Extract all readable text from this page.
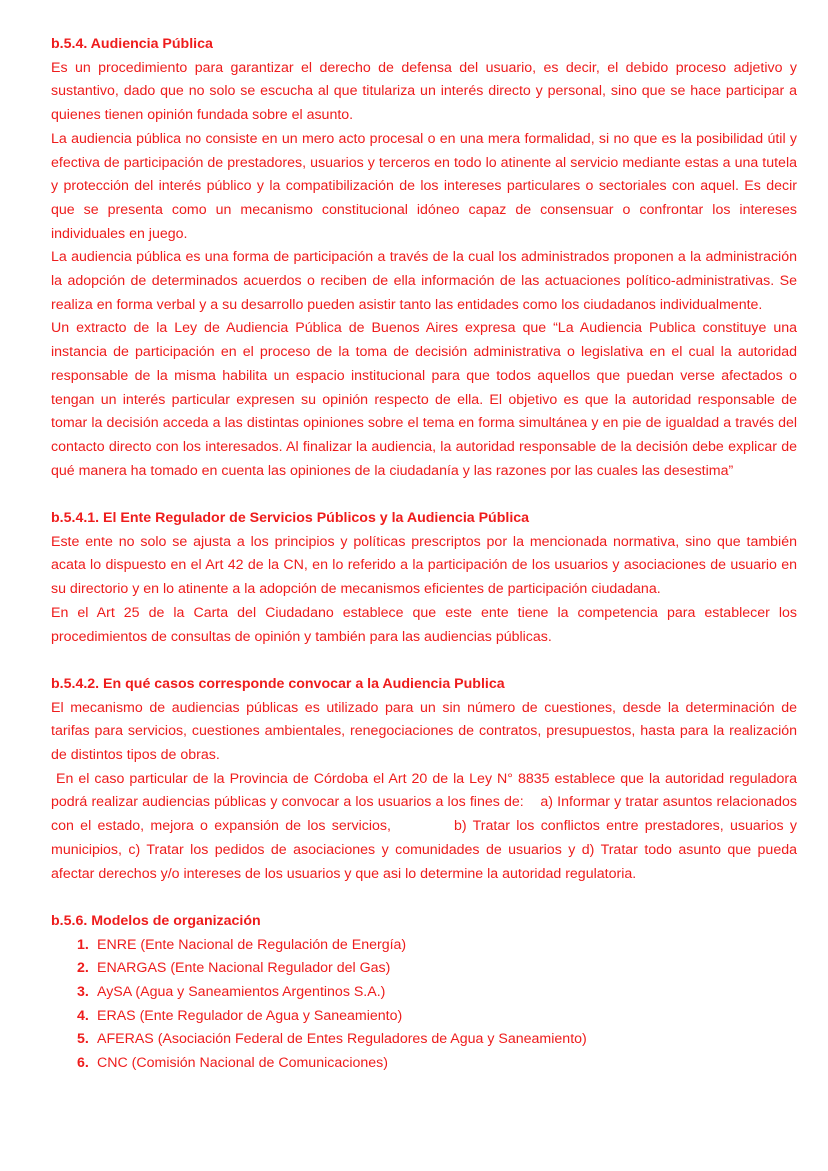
b.5.4. Audiencia Pública

Es un procedimiento para garantizar el derecho de defensa del usuario, es decir, el debido proceso adjetivo y sustantivo, dado que no solo se escucha al que titulariza un interés directo y personal, sino que se hace participar a quienes tienen opinión fundada sobre el asunto.

La audiencia pública no consiste en un mero acto procesal o en una mera formalidad, si no que es la posibilidad útil y efectiva de participación de prestadores, usuarios y terceros en todo lo atinente al servicio mediante estas a una tutela y protección del interés público y la compatibilización de los intereses particulares o sectoriales con aquel. Es decir que se presenta como un mecanismo constitucional idóneo capaz de consensuar o confrontar los intereses individuales en juego.

La audiencia pública es una forma de participación a través de la cual los administrados proponen a la administración la adopción de determinados acuerdos o reciben de ella información de las actuaciones político-administrativas. Se realiza en forma verbal y a su desarrollo pueden asistir tanto las entidades como los ciudadanos individualmente.

Un extracto de la Ley de Audiencia Pública de Buenos Aires expresa que “La Audiencia Publica constituye una instancia de participación en el proceso de la toma de decisión administrativa o legislativa en el cual la autoridad responsable de la misma habilita un espacio institucional para que todos aquellos que puedan verse afectados o tengan un interés particular expresen su opinión respecto de ella. El objetivo es que la autoridad responsable de tomar la decisión acceda a las distintas opiniones sobre el tema en forma simultánea y en pie de igualdad a través del contacto directo con los interesados. Al finalizar la audiencia, la autoridad responsable de la decisión debe explicar de qué manera ha tomado en cuenta las opiniones de la ciudadanía y las razones por las cuales las desestima”

b.5.4.1. El Ente Regulador de Servicios Públicos y la Audiencia Pública

Este ente no solo se ajusta a los principios y políticas prescriptos por la mencionada normativa, sino que también acata lo dispuesto en el Art 42 de la CN, en lo referido a la participación de los usuarios y asociaciones de usuario en su directorio y en lo atinente a la adopción de mecanismos eficientes de participación ciudadana.

En el Art 25 de la Carta del Ciudadano establece que este ente tiene la competencia para establecer los procedimientos de consultas de opinión y también para las audiencias públicas.

b.5.4.2. En qué casos corresponde convocar a la Audiencia Publica

El mecanismo de audiencias públicas es utilizado para un sin número de cuestiones, desde la determinación de tarifas para servicios, cuestiones ambientales, renegociaciones de contratos, presupuestos, hasta para la realización de distintos tipos de obras.

En el caso particular de la Provincia de Córdoba el Art 20 de la Ley N° 8835 establece que la autoridad reguladora podrá realizar audiencias públicas y convocar a los usuarios a los fines de:    a) Informar y tratar asuntos relacionados con el estado, mejora o expansión de los servicios,          b) Tratar los conflictos entre prestadores, usuarios y municipios, c) Tratar los pedidos de asociaciones y comunidades de usuarios y d) Tratar todo asunto que pueda afectar derechos y/o intereses de los usuarios y que asi lo determine la autoridad regulatoria.

b.5.6. Modelos de organización
1. ENRE (Ente Nacional de Regulación de Energía)
2. ENARGAS (Ente Nacional Regulador del Gas)
3. AySA (Agua y Saneamientos Argentinos S.A.)
4. ERAS (Ente Regulador de Agua y Saneamiento)
5. AFERAS (Asociación Federal de Entes Reguladores de Agua y Saneamiento)
6. CNC (Comisión Nacional de Comunicaciones)
